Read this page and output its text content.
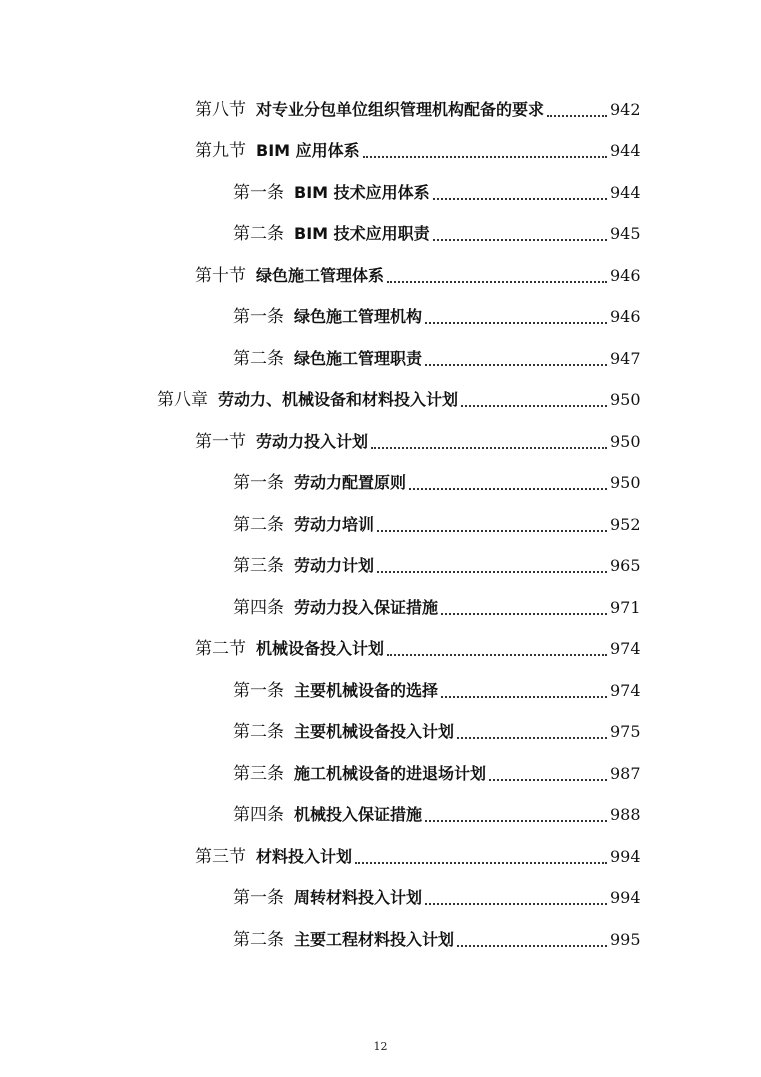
第八节 对专业分包单位组织管理机构配备的要求	942
第九节 BIM 应用体系	944
第一条 BIM 技术应用体系	944
第二条 BIM 技术应用职责	945
第十节 绿色施工管理体系	946
第一条 绿色施工管理机构	946
第二条 绿色施工管理职责	947
第八章 劳动力、机械设备和材料投入计划	950
第一节 劳动力投入计划	950
第一条 劳动力配置原则	950
第二条 劳动力培训	952
第三条 劳动力计划	965
第四条 劳动力投入保证措施	971
第二节 机械设备投入计划	974
第一条 主要机械设备的选择	974
第二条 主要机械设备投入计划	975
第三条 施工机械设备的进退场计划	987
第四条 机械投入保证措施	988
第三节 材料投入计划	994
第一条 周转材料投入计划	994
第二条 主要工程材料投入计划	995
12
